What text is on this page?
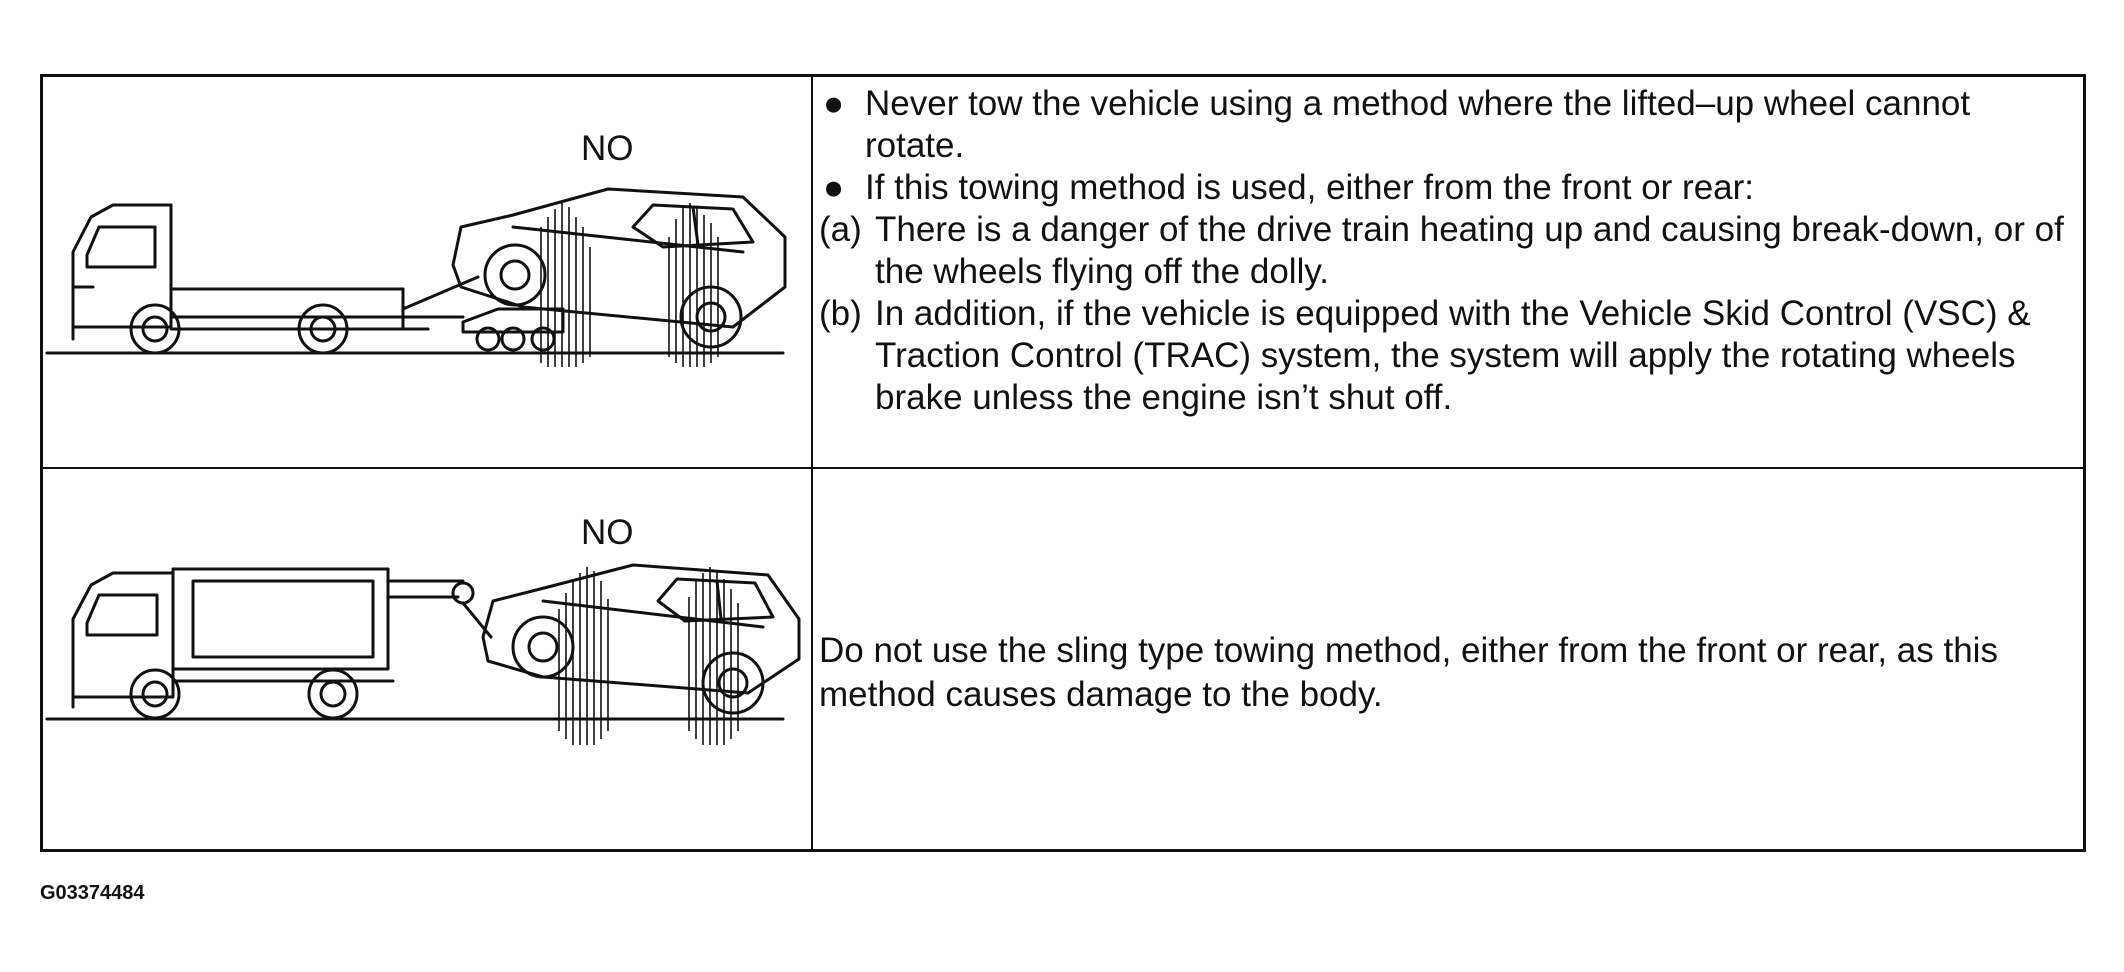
NO
● Never tow the vehicle using a method where the lifted–up wheel cannot rotate.
● If this towing method is used, either from the front or rear:
(a) There is a danger of the drive train heating up and causing break-down, or of the wheels flying off the dolly.
(b) In addition, if the vehicle is equipped with the Vehicle Skid Control (VSC) & Traction Control (TRAC) system, the system will apply the rotating wheels brake unless the engine isn’t shut off.
NO
Do not use the sling type towing method, either from the front or rear, as this method causes damage to the body.
G03374484
